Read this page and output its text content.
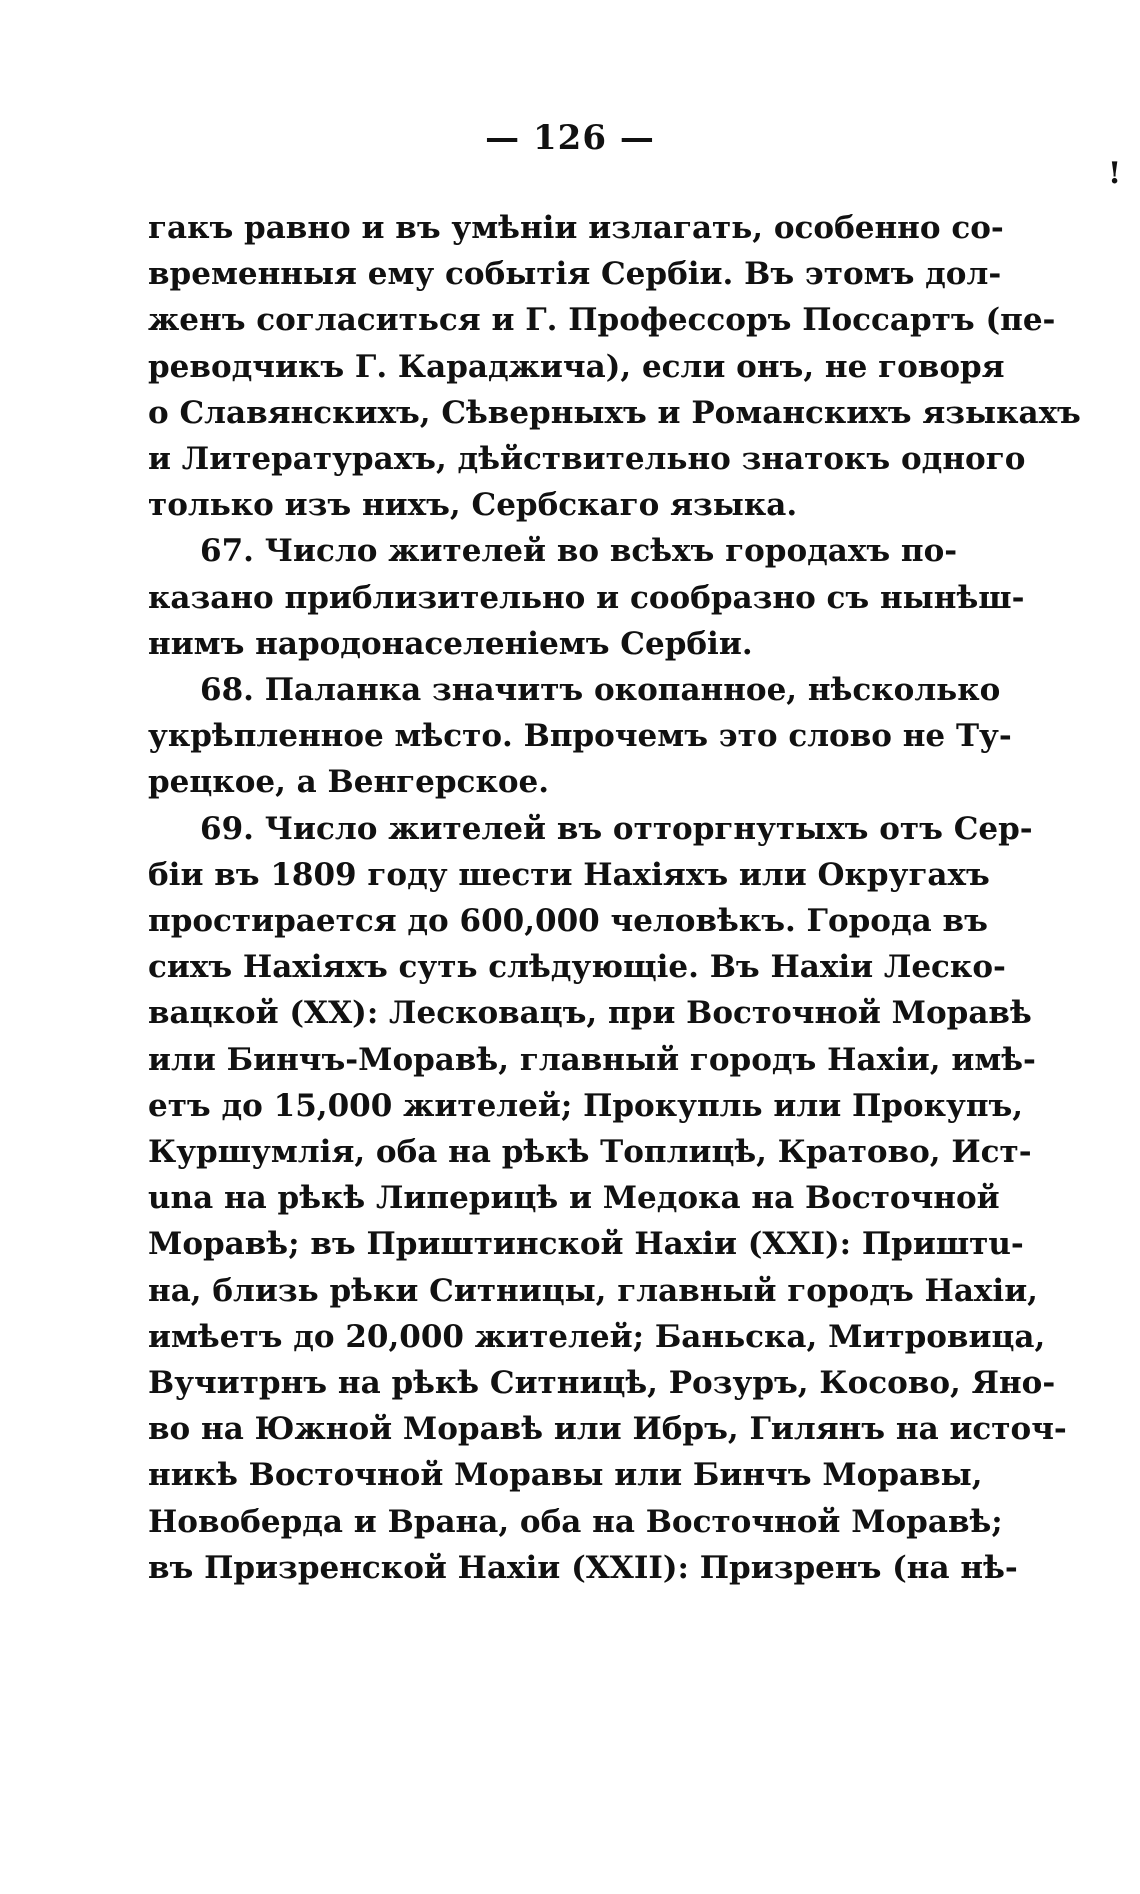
— 126 —
!
гакъ равно и въ умѣніи излагать, особенно со-
временныя ему событія Сербіи. Въ этомъ дол-
женъ согласиться и Г. Профессоръ Поссартъ (пе-
реводчикъ Г. Караджича), если онъ, не говоря
о Славянскихъ, Сѣверныхъ и Романскихъ языкахъ
и Литературахъ, дѣйствительно знатокъ одного
только изъ нихъ, Сербскаго языка.
67. Число жителей во всѣхъ городахъ по-
казано приблизительно и сообразно съ нынѣш-
нимъ народонаселеніемъ Сербіи.
68. Паланка значитъ окопанное, нѣсколько
укрѣпленное мѣсто. Впрочемъ это слово не Ту-
рецкое, а Венгерское.
69. Число жителей въ отторгнутыхъ отъ Сер-
біи въ 1809 году шести Нахіяхъ или Округахъ
простирается до 600,000 человѣкъ. Города въ
сихъ Нахіяхъ суть слѣдующіе. Въ Нахіи Леско-
вацкой (XX): Лесковацъ, при Восточной Моравѣ
или Бинчъ-Моравѣ, главный городъ Нахіи, имѣ-
етъ до 15,000 жителей; Прокупль или Прокупъ,
Куршумлія, оба на рѣкѣ Топлицѣ, Кратово, Ист-
una на рѣкѣ Липерицѣ и Медока на Восточной
Моравѣ; въ Приштинской Нахіи (XXI): Приштu-
на, близь рѣки Ситницы, главный городъ Нахіи,
имѣетъ до 20,000 жителей; Баньска, Митровица,
Вучитрнъ на рѣкѣ Ситницѣ, Розуръ, Косово, Яно-
во на Южной Моравѣ или Ибръ, Гилянъ на источ-
никѣ Восточной Моравы или Бинчъ Моравы,
Новоберда и Врана, оба на Восточной Моравѣ;
въ Призренской Нахіи (XXII): Призренъ (на нѣ-
